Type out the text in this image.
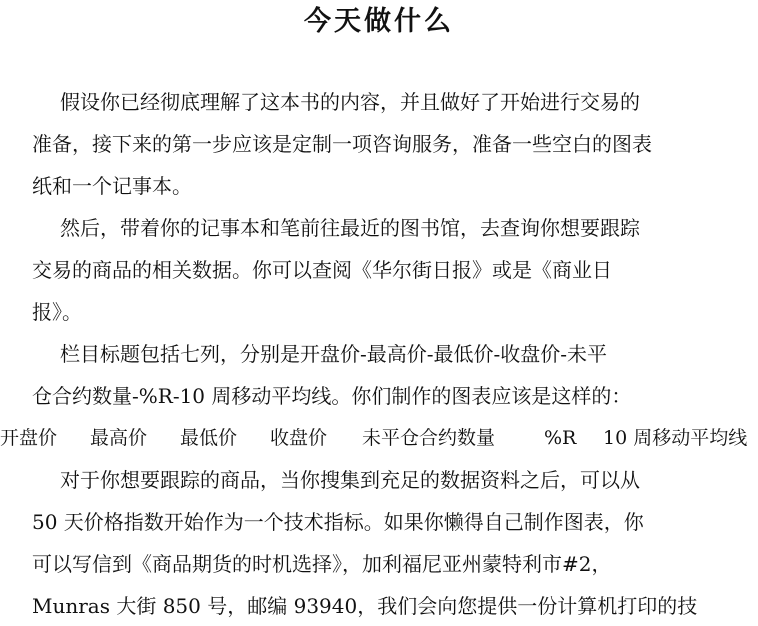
今天做什么

假设你已经彻底理解了这本书的内容，并且做好了开始进行交易的

准备，接下来的第一步应该是定制一项咨询服务，准备一些空白的图表

纸和一个记事本。

然后，带着你的记事本和笔前往最近的图书馆，去查询你想要跟踪

交易的商品的相关数据。你可以查阅《华尔街日报》或是《商业日

报》。

栏目标题包括七列，分别是开盘价-最高价-最低价-收盘价-未平

仓合约数量-%R-10 周移动平均线。你们制作的图表应该是这样的：

开盘价 最高价 最低价 收盘价 未平仓合约数量	%R 10 周移动平均线

对于你想要跟踪的商品，当你搜集到充足的数据资料之后，可以从

50 天价格指数开始作为一个技术指标。如果你懒得自己制作图表，你

可以写信到《商品期货的时机选择》，加利福尼亚州蒙特利市#2，

Munras 大街 850 号，邮编 93940，我们会向您提供一份计算机打印的技
